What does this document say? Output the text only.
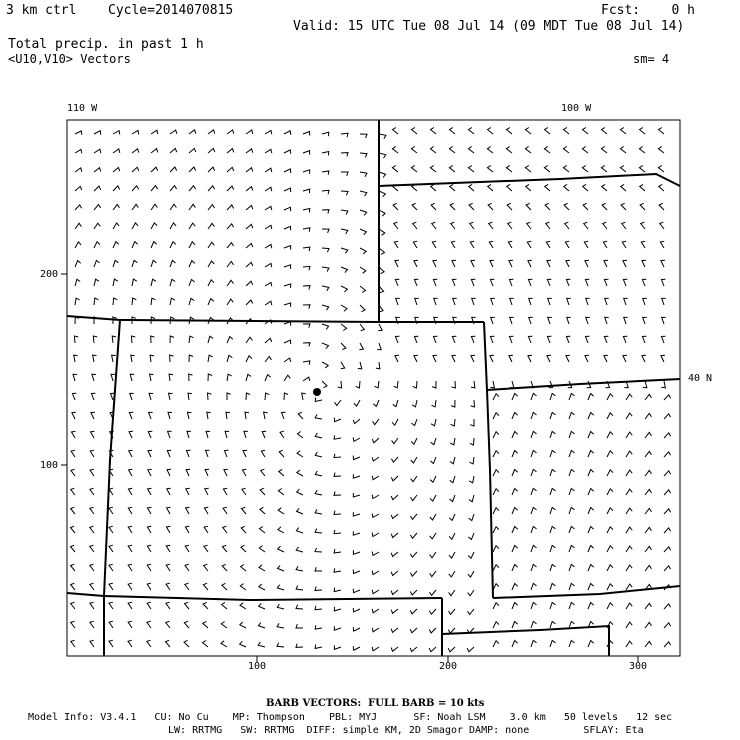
3 km ctrl Cycle=2014070815	Fcst:    0 h
Valid: 15 UTC Tue 08 Jul 14 (09 MDT Tue 08 Jul 14)
Total precip. in past 1 h
<U10,V10> Vectors	sm= 4
110 W	100 W
40 N
200
100
100	200	300
BARB VECTORS:  FULL BARB = 10 kts
Model Info: V3.4.1   CU: No Cu    MP: Thompson    PBL: MYJ      SF: Noah LSM    3.0 km   50 levels   12 sec
LW: RRTMG   SW: RRTMG  DIFF: simple KM, 2D Smagor DAMP: none         SFLAY: Eta
